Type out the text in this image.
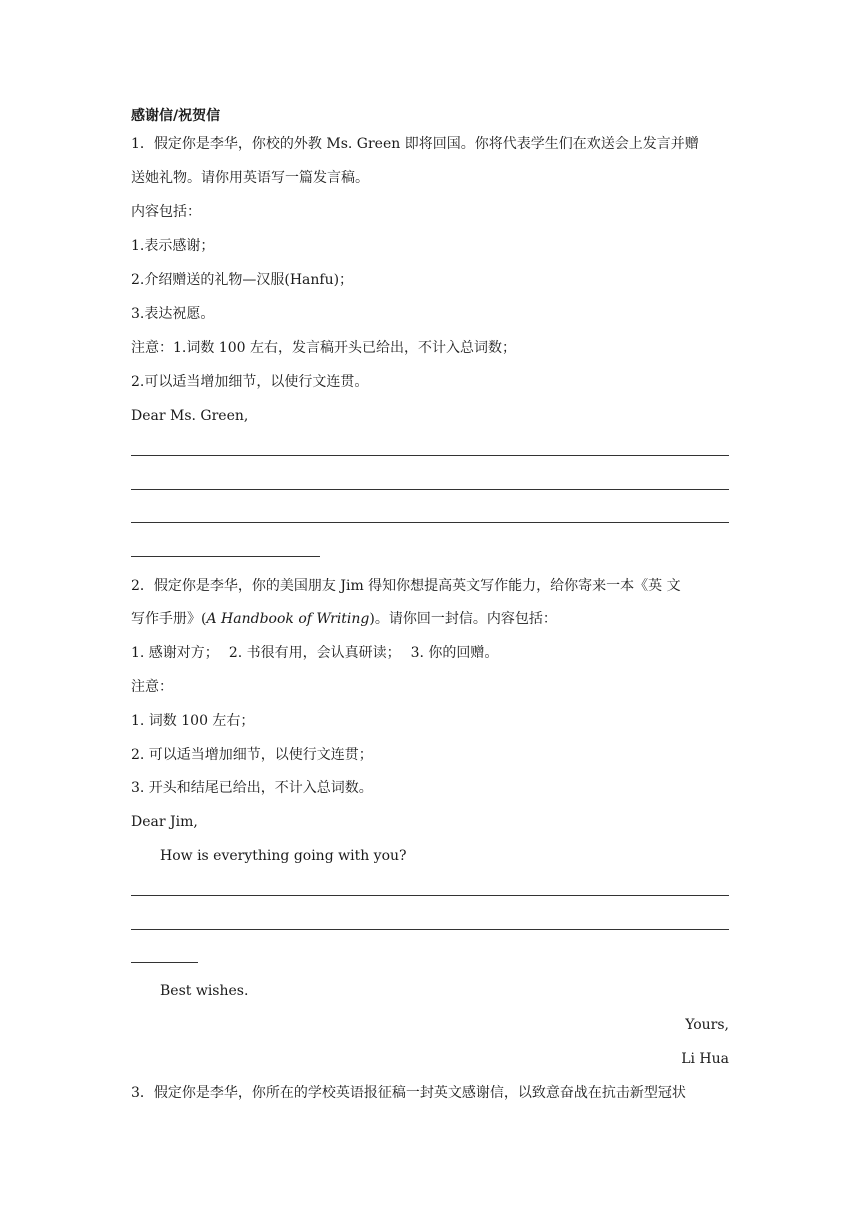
感谢信/祝贺信
1．假定你是李华，你校的外教 Ms. Green 即将回国。你将代表学生们在欢送会上发言并赠
送她礼物。请你用英语写一篇发言稿。
内容包括：
1.表示感谢；
2.介绍赠送的礼物—汉服(Hanfu)；
3.表达祝愿。
注意：1.词数 100 左右，发言稿开头已给出，不计入总词数；
2.可以适当增加细节，以使行文连贯。
Dear Ms. Green,
2．假定你是李华，你的美国朋友 Jim 得知你想提高英文写作能力，给你寄来一本《英 文
写作手册》(A Handbook of Writing)。请你回一封信。内容包括：
1. 感谢对方； 2. 书很有用，会认真研读； 3. 你的回赠。
注意：
1. 词数 100 左右；
2. 可以适当增加细节，以使行文连贯；
3. 开头和结尾已给出，不计入总词数。
Dear Jim,
How is everything going with you?
Best wishes.
Yours,
Li Hua
3．假定你是李华，你所在的学校英语报征稿一封英文感谢信，以致意奋战在抗击新型冠状
